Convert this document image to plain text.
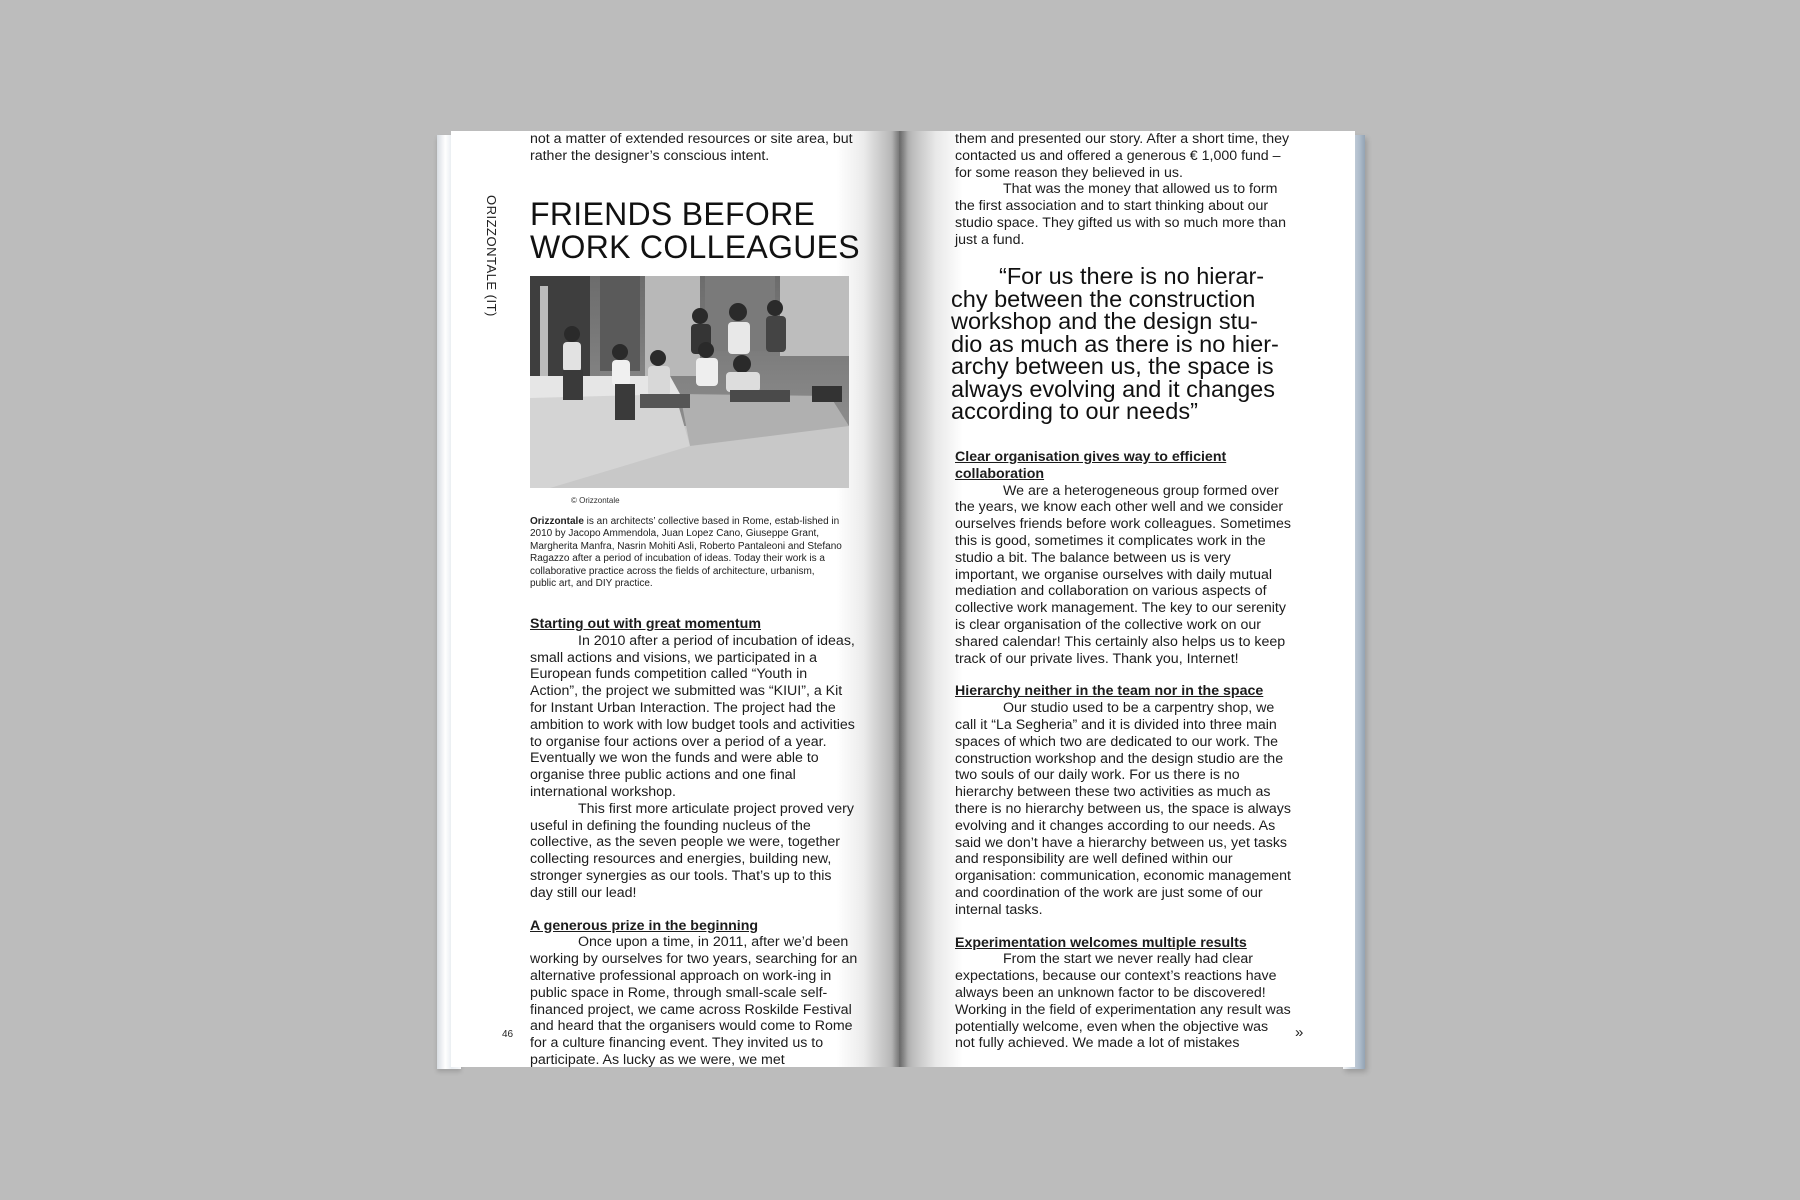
not a matter of extended resources or site area, but

rather the designer’s conscious intent.

ORIZZONTALE (IT) FRIENDS BEFORE
WORK COLLEAGUES
© Orizzontale

Orizzontale is an architects’ collective based in Rome, estab-lished in 2010 by Jacopo Ammendola, Juan Lopez Cano, Giuseppe Grant, Margherita Manfra, Nasrin Mohiti Asli, Roberto Pantaleoni and Stefano Ragazzo after a period of incubation of ideas. Today their work is a collaborative practice across the fields of architecture, urbanism, public art, and DIY practice.

Starting out with great momentum

In 2010 after a period of incubation of ideas, small actions and visions, we participated in a European funds competition called “Youth in Action”, the project we submitted was “KIUI”, a Kit for Instant Urban Interaction. The project had the ambition to work with low budget tools and activities to organise four actions over a period of a year. Eventually we won the funds and were able to organise three public actions and one final international workshop.

This first more articulate project proved very useful in defining the founding nucleus of the collective, as the seven people we were, together collecting resources and energies, building new, stronger synergies as our tools. That’s up to this day still our lead!

A generous prize in the beginning

Once upon a time, in 2011, after we’d been working by ourselves for two years, searching for an alternative professional approach on work-ing in public space in Rome, through small-scale self-financed project, we came across Roskilde Festival and heard that the organisers would come to Rome for a culture financing event. They invited us to participate. As lucky as we were, we met

46

them and presented our story. After a short time, they contacted us and offered a generous € 1,000 fund – for some reason they believed in us.

That was the money that allowed us to form the first association and to start thinking about our studio space. They gifted us with so much more than just a fund.

“For us there is no hierar-chy between the construction workshop and the design stu-dio as much as there is no hier-archy between us, the space is always evolving and it changes according to our needs”

Clear organisation gives way to efficient collaboration

We are a heterogeneous group formed over the years, we know each other well and we consider ourselves friends before work colleagues. Sometimes this is good, sometimes it complicates work in the studio a bit. The balance between us is very important, we organise ourselves with daily mutual mediation and collaboration on various aspects of collective work management. The key to our serenity is clear organisation of the collective work on our shared calendar! This certainly also helps us to keep track of our private lives. Thank you, Internet!

Hierarchy neither in the team nor in the space

Our studio used to be a carpentry shop, we call it “La Segheria” and it is divided into three main spaces of which two are dedicated to our work. The construction workshop and the design studio are the two souls of our daily work. For us there is no hierarchy between these two activities as much as there is no hierarchy between us, the space is always evolving and it changes according to our needs. As said we don’t have a hierarchy between us, yet tasks and responsibility are well defined within our organisation: communication, economic management and coordination of the work are just some of our internal tasks.

Experimentation welcomes multiple results

From the start we never really had clear expectations, because our context’s reactions have always been an unknown factor to be discovered! Working in the field of experimentation any result was potentially welcome, even when the objective was not fully achieved. We made a lot of mistakes

»
